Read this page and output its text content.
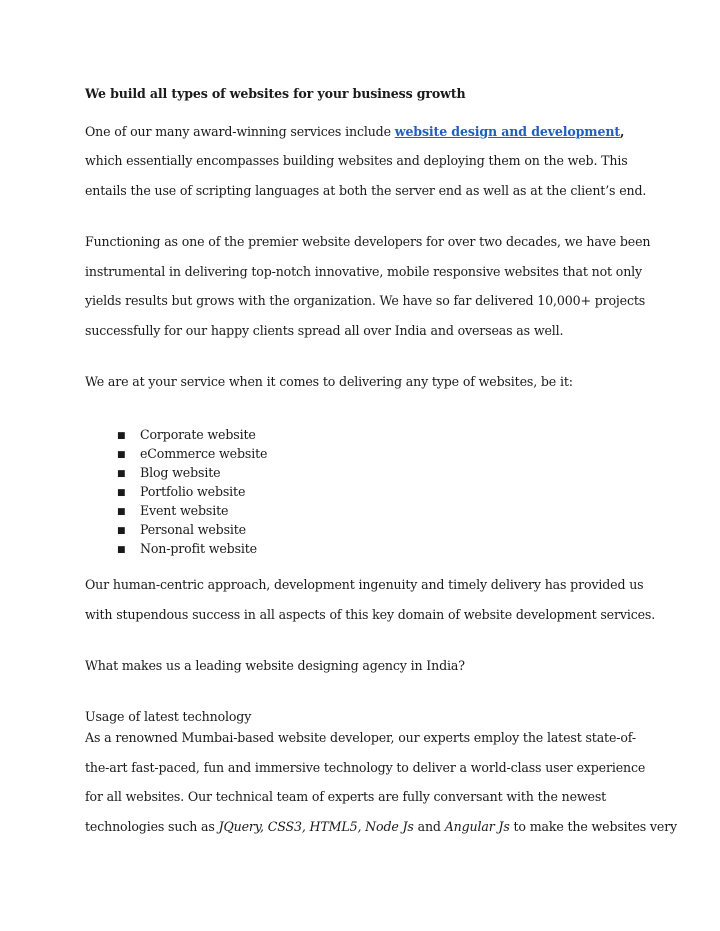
We build all types of websites for your business growth
One of our many award-winning services include website design and development,
which essentially encompasses building websites and deploying them on the web. This
entails the use of scripting languages at both the server end as well as at the client’s end.
Functioning as one of the premier website developers for over two decades, we have been
instrumental in delivering top-notch innovative, mobile responsive websites that not only
yields results but grows with the organization. We have so far delivered 10,000+ projects
successfully for our happy clients spread all over India and overseas as well.
We are at your service when it comes to delivering any type of websites, be it:
■ Corporate website
■ eCommerce website
■ Blog website
■ Portfolio website
■ Event website
■ Personal website
■ Non-profit website
Our human-centric approach, development ingenuity and timely delivery has provided us
with stupendous success in all aspects of this key domain of website development services.
What makes us a leading website designing agency in India?
Usage of latest technology
As a renowned Mumbai-based website developer, our experts employ the latest state-of-
the-art fast-paced, fun and immersive technology to deliver a world-class user experience
for all websites. Our technical team of experts are fully conversant with the newest
technologies such as JQuery, CSS3, HTML5, Node Js and Angular Js to make the websites very
